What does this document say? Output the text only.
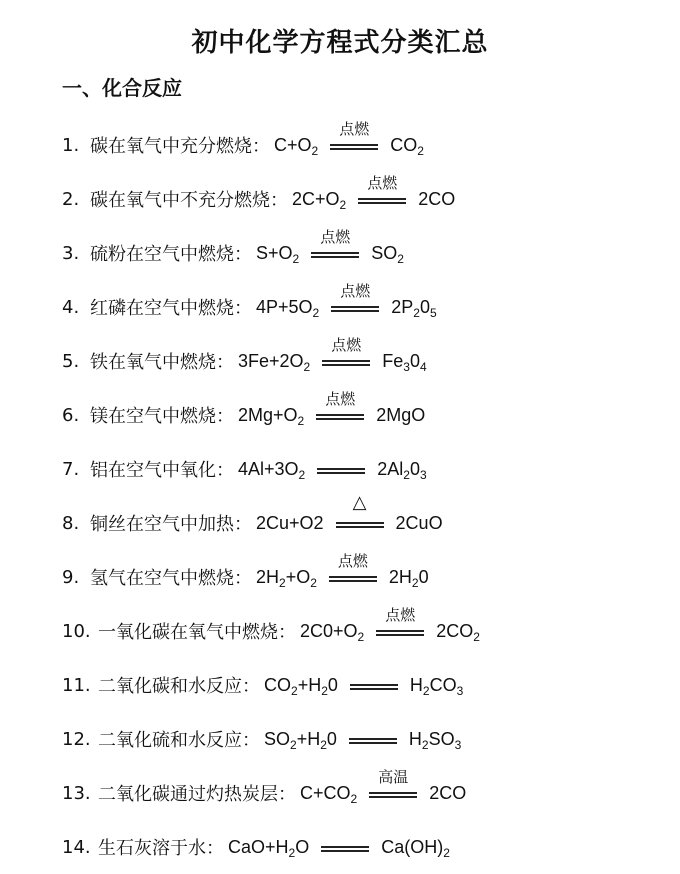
初中化学方程式分类汇总
一、化合反应
1. 碳在氧气中充分燃烧： $C+O_2$
点燃
$CO_2$
2. 碳在氧气中不充分燃烧： $2C+O_2$
点燃
2CO
3. 硫粉在空气中燃烧： $S+O_2$
点燃
$SO_2$
4. 红磷在空气中燃烧： $4P+5O_2$
点燃
$2P_20_5$
5. 铁在氧气中燃烧： $3Fe+2O_2$
点燃
$Fe_30_4$
6. 镁在空气中燃烧： $2Mg+O_2$
点燃
2MgO
7. 铝在空气中氧化： $4Al+3O_2$	$2Al_20_3$
8. 铜丝在空气中加热： 2Cu+O2
△
2CuO
9. 氢气在空气中燃烧： $2H_2+O_2$
点燃
$2H_20$
10. 一氧化碳在氧气中燃烧： $2C0+O_2$
点燃
$2CO_2$
11. 二氧化碳和水反应： $CO_2+H_20$	$H_2CO_3$
12. 二氧化硫和水反应： $SO_2+H_20$	$H_2SO_3$
13. 二氧化碳通过灼热炭层： $C+CO_2$
高温
2CO
14. 生石灰溶于水： $CaO+H_2O$	$Ca(OH)_2$
